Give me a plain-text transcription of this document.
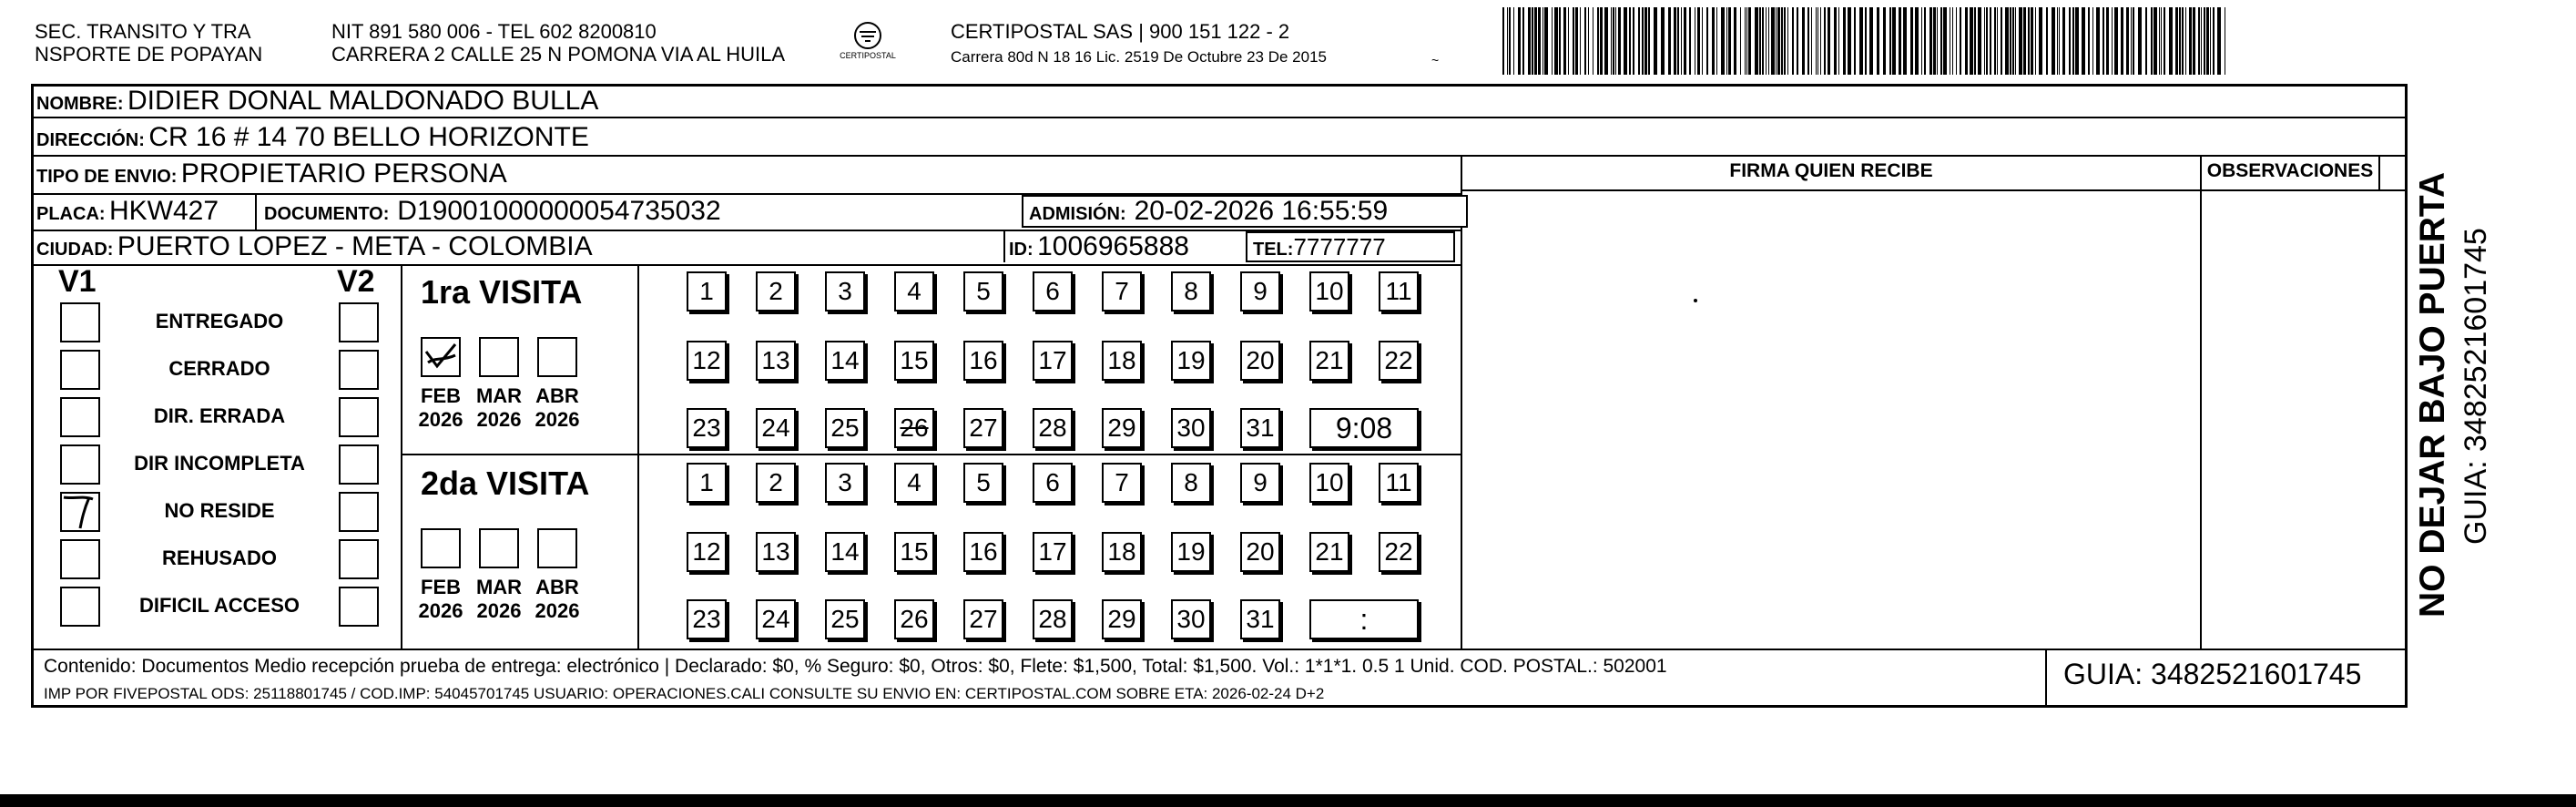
SEC. TRANSITO Y TRA
NSPORTE DE POPAYAN
NIT 891 580 006 - TEL 602 8200810
CARRERA 2 CALLE 25 N POMONA VIA AL HUILA	CERTIPOSTAL
CERTIPOSTAL SAS | 900 151 122 - 2
Carrera 80d N 18 16 Lic. 2519 De Octubre 23 De 2015	~
NOMBRE: DIDIER DONAL MALDONADO BULLA
DIRECCIÓN: CR 16 # 14 70 BELLO HORIZONTE
TIPO DE ENVIO: PROPIETARIO PERSONA
PLACA: HKW427 DOCUMENTO: D19001000000054735032	ADMISIÓN: 20-02-2026 16:55:59
CIUDAD: PUERTO LOPEZ - META - COLOMBIA	ID: 1006965888	TEL:7777777
FIRMA QUIEN RECIBE	OBSERVACIONES
V1	V2
ENTREGADO
CERRADO
DIR. ERRADA
DIR INCOMPLETA
NO RESIDE
REHUSADO
DIFICIL ACCESO
1ra VISITA
FEB
2026
MAR
2026
ABR
2026
1	2	3	4	5	6	7	8	9	10 11
12 13 14 15 16 17 18 19 20 21 22
23 24 25 26 27 28 29 30 31	9:08
2da VISITA
FEB
2026
MAR
2026
ABR
2026
1	2	3	4	5	6	7	8	9	10 11
12 13 14 15 16 17 18 19 20 21 22
23 24 25 26 27 28 29 30 31	:
Contenido: Documentos Medio recepción prueba de entrega: electrónico | Declarado: $0, % Seguro: $0, Otros: $0, Flete: $1,500, Total: $1,500. Vol.: 1*1*1. 0.5 1 Unid. COD. POSTAL.: 502001
IMP POR FIVEPOSTAL ODS: 25118801745 / COD.IMP: 54045701745 USUARIO: OPERACIONES.CALI CONSULTE SU ENVIO EN: CERTIPOSTAL.COM SOBRE ETA: 2026-02-24 D+2
GUIA: 3482521601745
NO DEJAR BAJO PUERTA GUIA: 3482521601745
